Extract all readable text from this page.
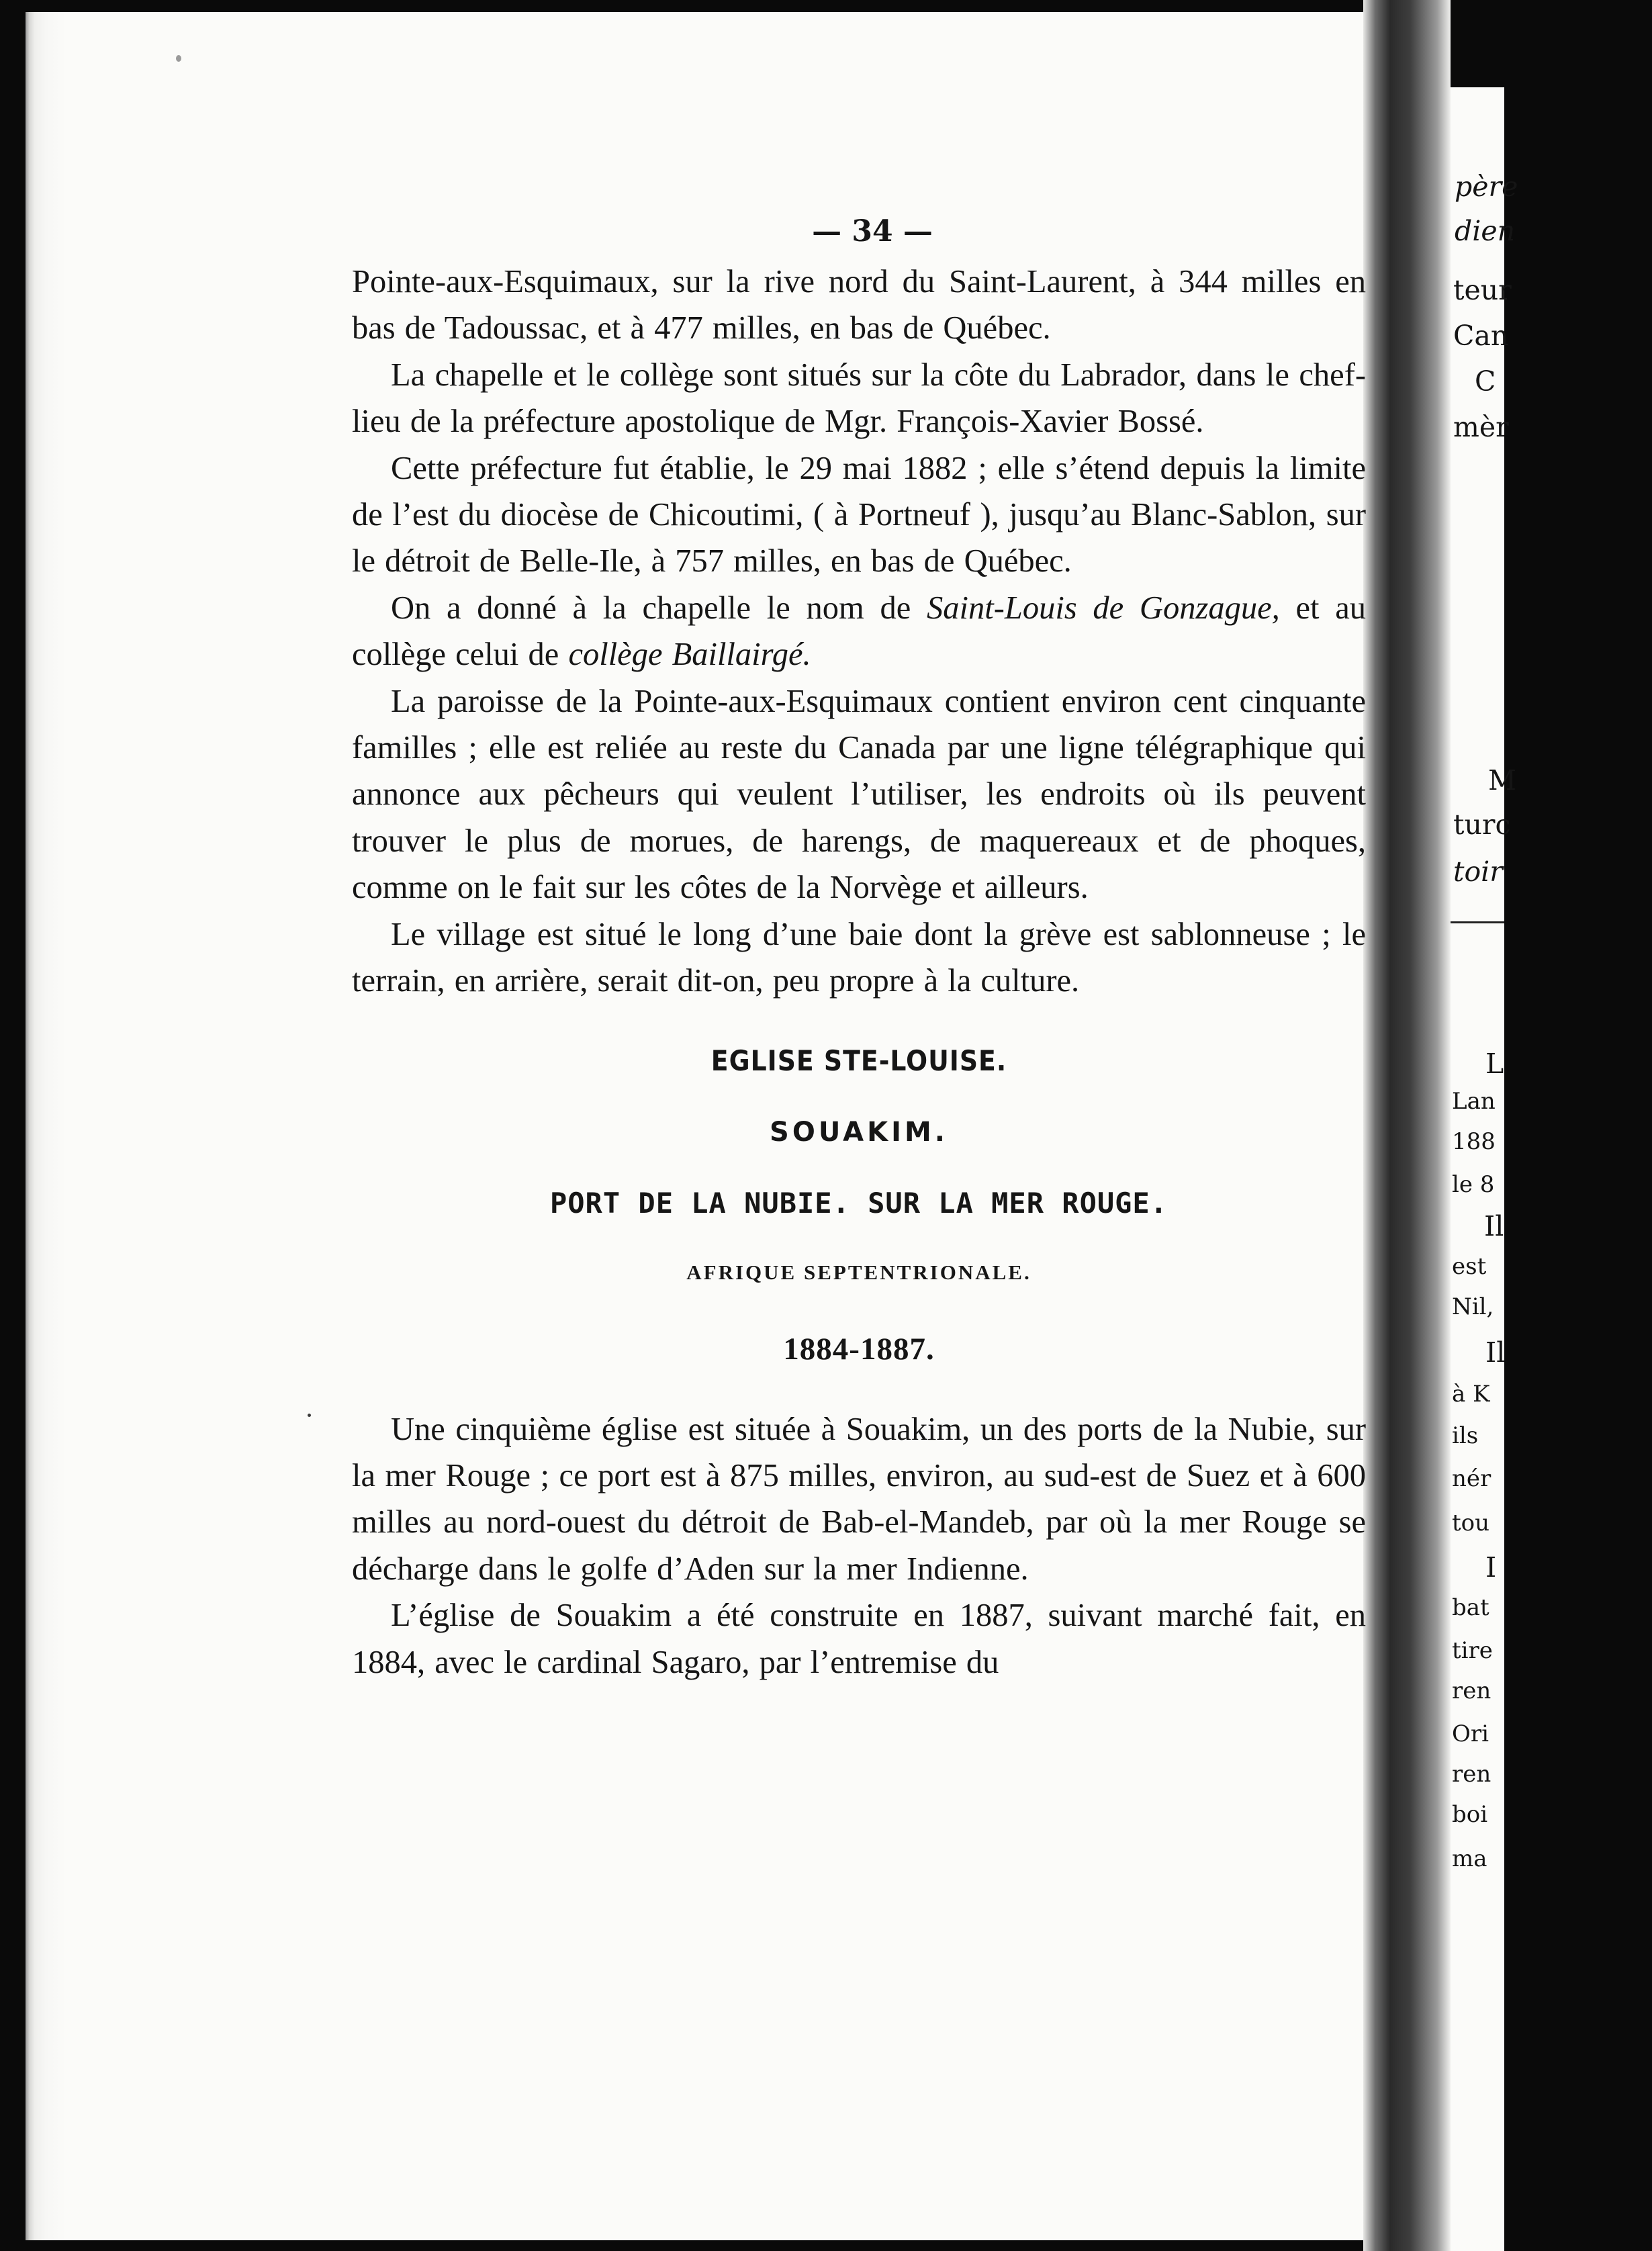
père
dien
teur
Can
C
mèr
M
turc
toir
L
Lan
188
le 8
Il
est
Nil,
Il
à K
ils
nér
tou
I
bat
tire
ren
Ori
ren
boi
ma
— 34 —

Pointe-aux-Esquimaux, sur la rive nord du Saint-Laurent, à 344 milles en bas de Tadoussac, et à 477 milles, en bas de Québec.

La chapelle et le collège sont situés sur la côte du Labrador, dans le chef-lieu de la préfecture apostolique de Mgr. François-Xavier Bossé.

Cette préfecture fut établie, le 29 mai 1882 ; elle s’étend depuis la limite de l’est du diocèse de Chicoutimi, ( à Portneuf ), jusqu’au Blanc-Sablon, sur le détroit de Belle-Ile, à 757 milles, en bas de Québec.

On a donné à la chapelle le nom de Saint-Louis de Gonzague, et au collège celui de collège Baillairgé.

La paroisse de la Pointe-aux-Esquimaux contient environ cent cinquante familles ; elle est reliée au reste du Canada par une ligne télégraphique qui annonce aux pêcheurs qui veulent l’utiliser, les endroits où ils peuvent trouver le plus de morues, de harengs, de maquereaux et de phoques, comme on le fait sur les côtes de la Norvège et ailleurs.

Le village est situé le long d’une baie dont la grève est sablonneuse ; le terrain, en arrière, serait dit-on, peu propre à la culture.

EGLISE STE-LOUISE.
SOUAKIM.
PORT DE LA NUBIE. SUR LA MER ROUGE.
AFRIQUE SEPTENTRIONALE.
1884-1887.

Une cinquième église est située à Souakim, un des ports de la Nubie, sur la mer Rouge ; ce port est à 875 milles, environ, au sud-est de Suez et à 600 milles au nord-ouest du détroit de Bab-el-Mandeb, par où la mer Rouge se décharge dans le golfe d’Aden sur la mer Indienne.

L’église de Souakim a été construite en 1887, suivant marché fait, en 1884, avec le cardinal Sagaro, par l’entremise du
